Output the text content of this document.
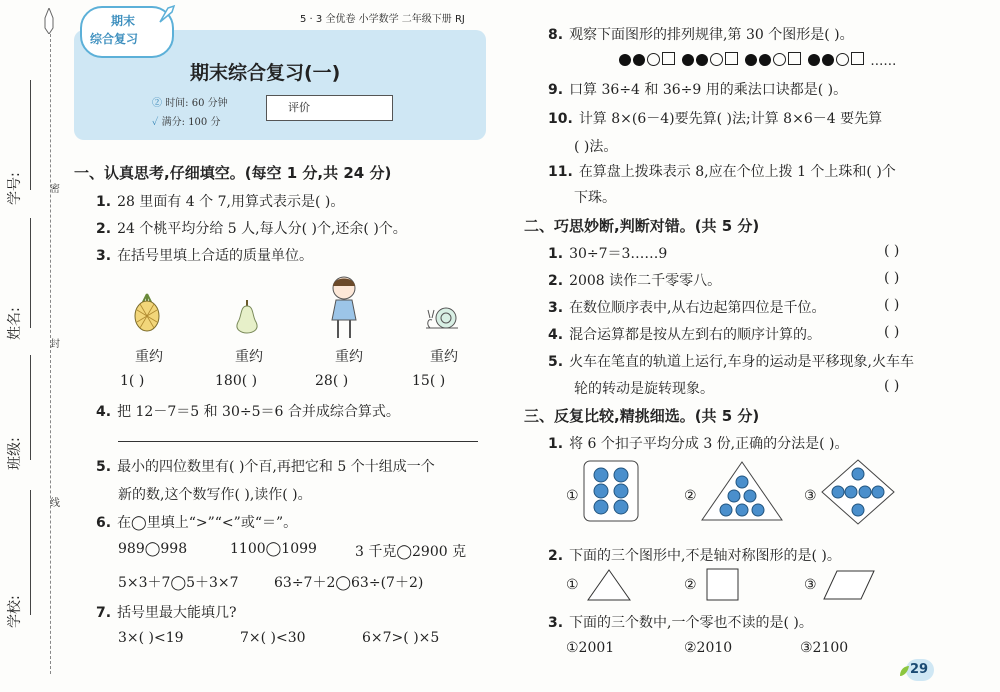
学号:
姓名:
班级:
学校:
密
封
线
期末
综合复习
5 · 3 全优卷 小学数学 二年级下册 RJ
期末综合复习(一)
② 时间: 60 分钟
✓ 满分: 100 分
评价
一、认真思考,仔细填空。(每空 1 分,共 24 分)
1. 28 里面有 4 个 7,用算式表示是( )。
2. 24 个桃平均分给 5 人,每人分( )个,还余( )个。
3. 在括号里填上合适的质量单位。
重约	重约	重约	重约
1( )	180( )	28( )	15( )
4. 把 12－7＝5 和 30÷5＝6 合并成综合算式。
5. 最小的四位数里有( )个百,再把它和 5 个十组成一个
新的数,这个数写作( ),读作( )。
6. 在◯里填上“>”“<”或“＝”。
989◯998	1100◯1099	3 千克◯2900 克
5×3＋7◯5＋3×7	63÷7＋2◯63÷(7＋2)
7. 括号里最大能填几?
3×( )<19	7×( )<30	6×7>( )×5
8. 观察下面图形的排列规律,第 30 个图形是( )。
……
9. 口算 36÷4 和 36÷9 用的乘法口诀都是( )。
10. 计算 8×(6－4)要先算( )法;计算 8×6－4 要先算
( )法。
11. 在算盘上拨珠表示 8,应在个位上拨 1 个上珠和( )个
下珠。
二、巧思妙断,判断对错。(共 5 分)
1. 30÷7＝3……9
2. 2008 读作二千零零八。
3. 在数位顺序表中,从右边起第四位是千位。
4. 混合运算都是按从左到右的顺序计算的。
5. 火车在笔直的轨道上运行,车身的运动是平移现象,火车车
轮的转动是旋转现象。
( )
( )
( )
( )
( )
三、反复比较,精挑细选。(共 5 分)
1. 将 6 个扣子平均分成 3 份,正确的分法是( )。
①	②	③
2. 下面的三个图形中,不是轴对称图形的是( )。
①	②	③
3. 下面的三个数中,一个零也不读的是( )。
①2001	②2010	③2100
29
